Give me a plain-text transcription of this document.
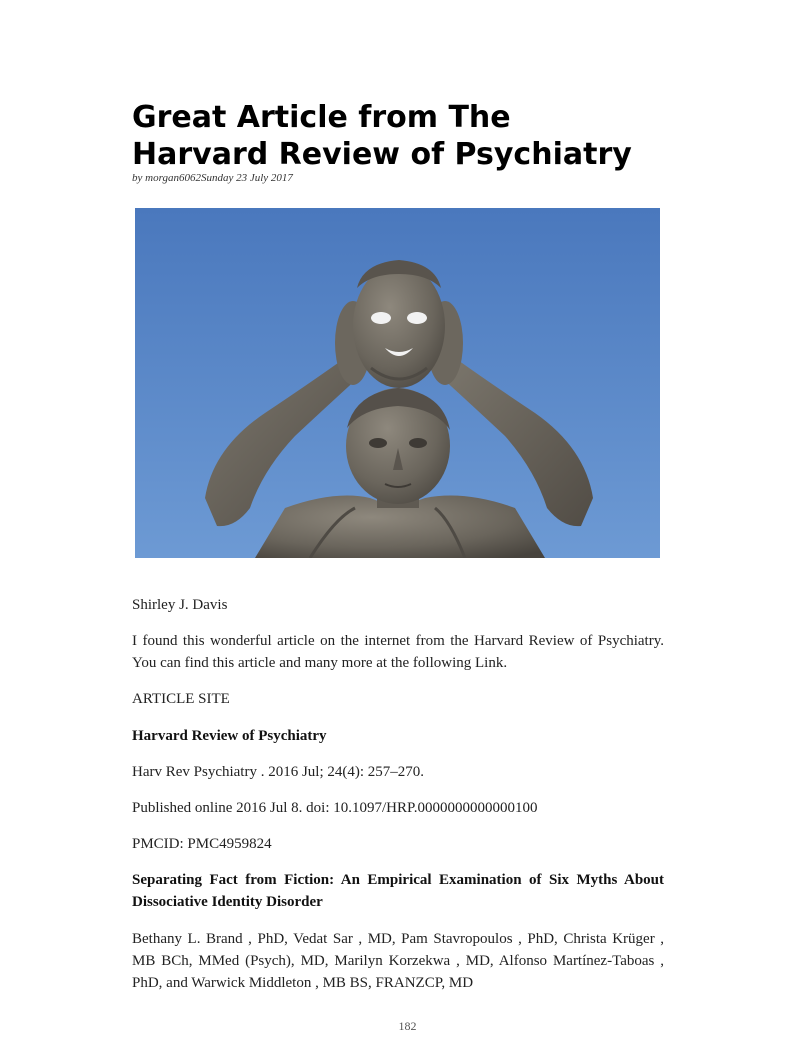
Great Article from The
Harvard Review of Psychiatry
by morgan6062Sunday 23 July 2017

Shirley J. Davis

I found this wonderful article on the internet from the Harvard Review of Psychiatry. You can find this article and many more at the following Link.

ARTICLE SITE

Harvard Review of Psychiatry

Harv Rev Psychiatry . 2016 Jul; 24(4): 257–270.

Published online 2016 Jul 8. doi: 10.1097/HRP.0000000000000100

PMCID: PMC4959824

Separating Fact from Fiction: An Empirical Examination of Six Myths About Dissociative Identity Disorder

Bethany L. Brand , PhD, Vedat Sar , MD, Pam Stavropoulos , PhD, Christa Krüger , MB BCh, MMed (Psych), MD, Marilyn Korzekwa , MD, Alfonso Martínez-Taboas , PhD, and Warwick Middleton , MB BS, FRANZCP, MD

182
